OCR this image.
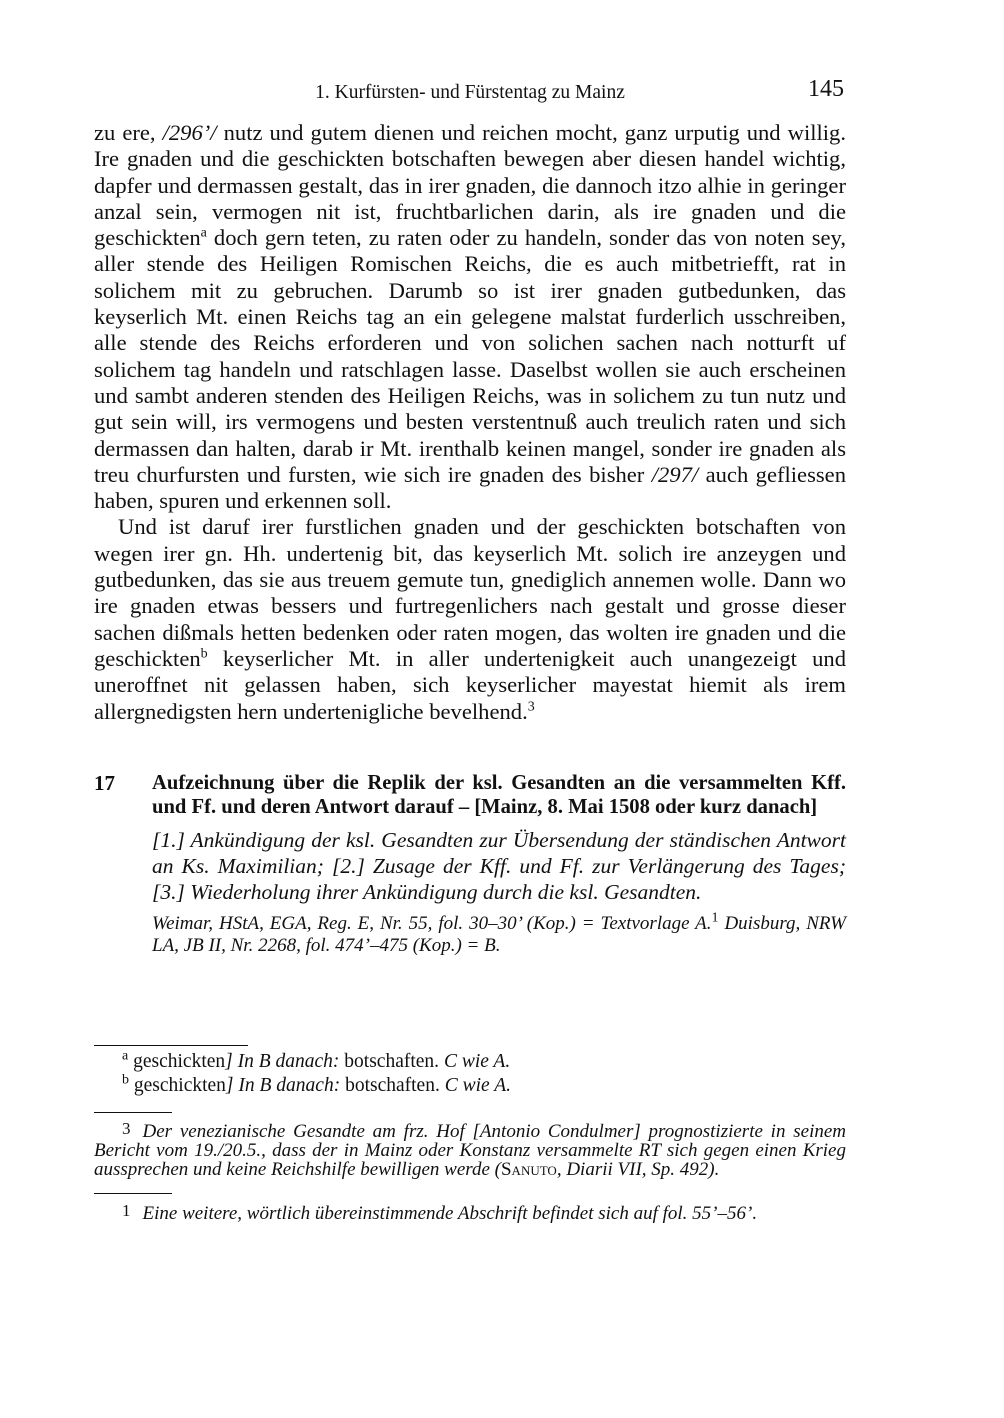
1. Kurfürsten- und Fürstentag zu Mainz	145

zu ere, /296’/ nutz und gutem dienen und reichen mocht, ganz urputig und willig. Ire gnaden und die geschickten botschaften bewegen aber diesen handel wichtig, dapfer und dermassen gestalt, das in irer gnaden, die dannoch itzo alhie in geringer anzal sein, vermogen nit ist, fruchtbarlichen darin, als ire gnaden und die geschickten$^a$ doch gern teten, zu raten oder zu handeln, sonder das von noten sey, aller stende des Heiligen Romischen Reichs, die es auch mitbetriefft, rat in solichem mit zu gebruchen. Darumb so ist irer gnaden gutbedunken, das keyserlich Mt. einen Reichs tag an ein gelegene malstat furderlich usschreiben, alle stende des Reichs erforderen und von solichen sachen nach notturft uf solichem tag handeln und ratschlagen lasse. Daselbst wollen sie auch erscheinen und sambt anderen stenden des Heiligen Reichs, was in solichem zu tun nutz und gut sein will, irs vermogens und besten verstentnuß auch treulich raten und sich dermassen dan halten, darab ir Mt. irenthalb keinen mangel, sonder ire gnaden als treu churfursten und fursten, wie sich ire gnaden des bisher /297/ auch gefliessen haben, spuren und erkennen soll.

Und ist daruf irer furstlichen gnaden und der geschickten botschaften von wegen irer gn. Hh. undertenig bit, das keyserlich Mt. solich ire anzeygen und gutbedunken, das sie aus treuem gemute tun, gnediglich annemen wolle. Dann wo ire gnaden etwas bessers und furtregenlichers nach gestalt und grosse dieser sachen dißmals hetten bedenken oder raten mogen, das wolten ire gnaden und die geschickten$^b$ keyserlicher Mt. in aller undertenigkeit auch unangezeigt und uneroffnet nit gelassen haben, sich keyserlicher mayestat hiemit als irem allergnedigsten hern undertenigliche bevelhend.$^3$

17 Aufzeichnung über die Replik der ksl. Gesandten an die versammelten Kff. und Ff. und deren Antwort darauf – [Mainz, 8. Mai 1508 oder kurz danach]
[1.] Ankündigung der ksl. Gesandten zur Übersendung der ständischen Antwort an Ks. Maximilian; [2.] Zusage der Kff. und Ff. zur Verlängerung des Tages; [3.] Wiederholung ihrer Ankündigung durch die ksl. Gesandten.
Weimar, HStA, EGA, Reg. E, Nr. 55, fol. 30–30’ (Kop.) = Textvorlage A.$^1$ Duisburg, NRW LA, JB II, Nr. 2268, fol. 474’–475 (Kop.) = B.
$^a$ geschickten] In B danach: botschaften. C wie A.
$^b$ geschickten] In B danach: botschaften. C wie A.
3 Der venezianische Gesandte am frz. Hof [Antonio Condulmer] prognostizierte in seinem Bericht vom 19./20.5., dass der in Mainz oder Konstanz versammelte RT sich gegen einen Krieg aussprechen und keine Reichshilfe bewilligen werde (Sanuto, Diarii VII, Sp. 492).
1 Eine weitere, wörtlich übereinstimmende Abschrift befindet sich auf fol. 55’–56’.
